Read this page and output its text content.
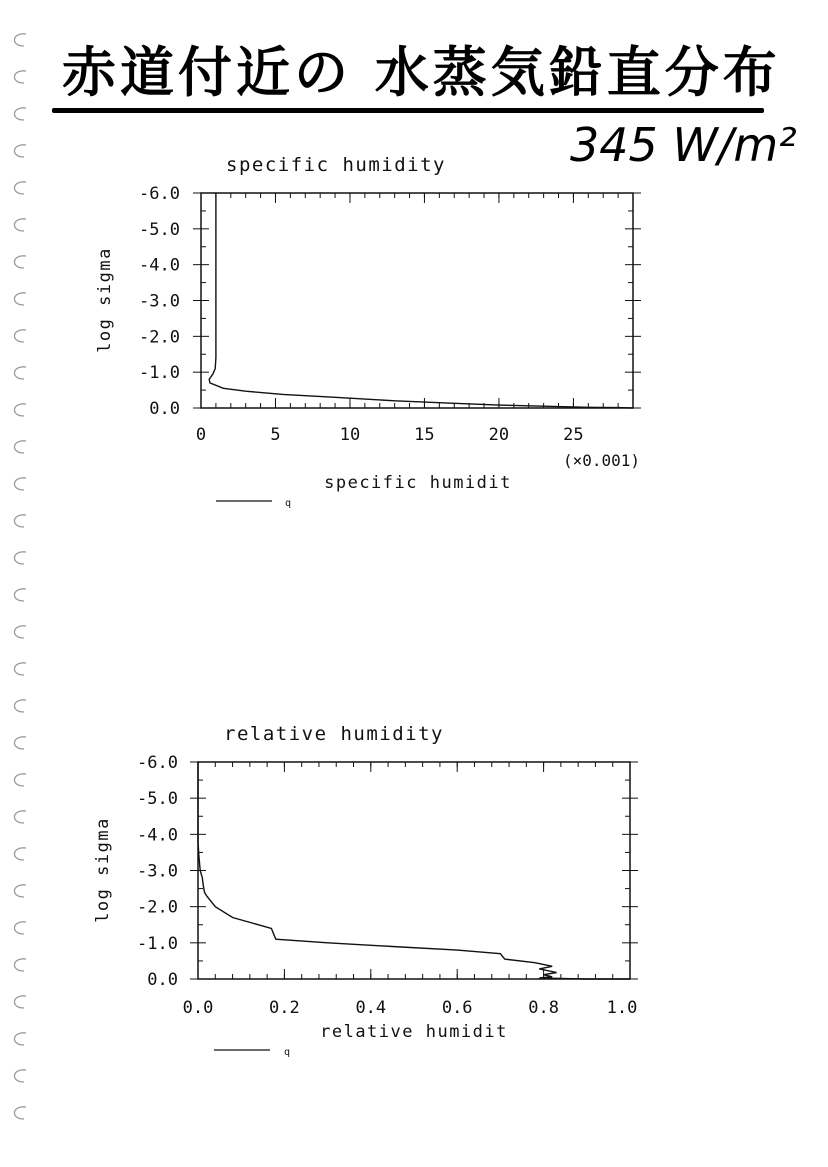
赤道付近の 水蒸気鉛直分布
345 W/m²
specific humidity
-6.0
-5.0
-4.0
-3.0
-2.0
-1.0
0.0
0	5	10	15	20	25
(×0.001)
specific humidit
log sigma
q
relative humidity
-6.0
-5.0
-4.0
-3.0
-2.0
-1.0
0.0
0.0	0.2	0.4	0.6	0.8	1.0
relative humidit
log sigma
q
